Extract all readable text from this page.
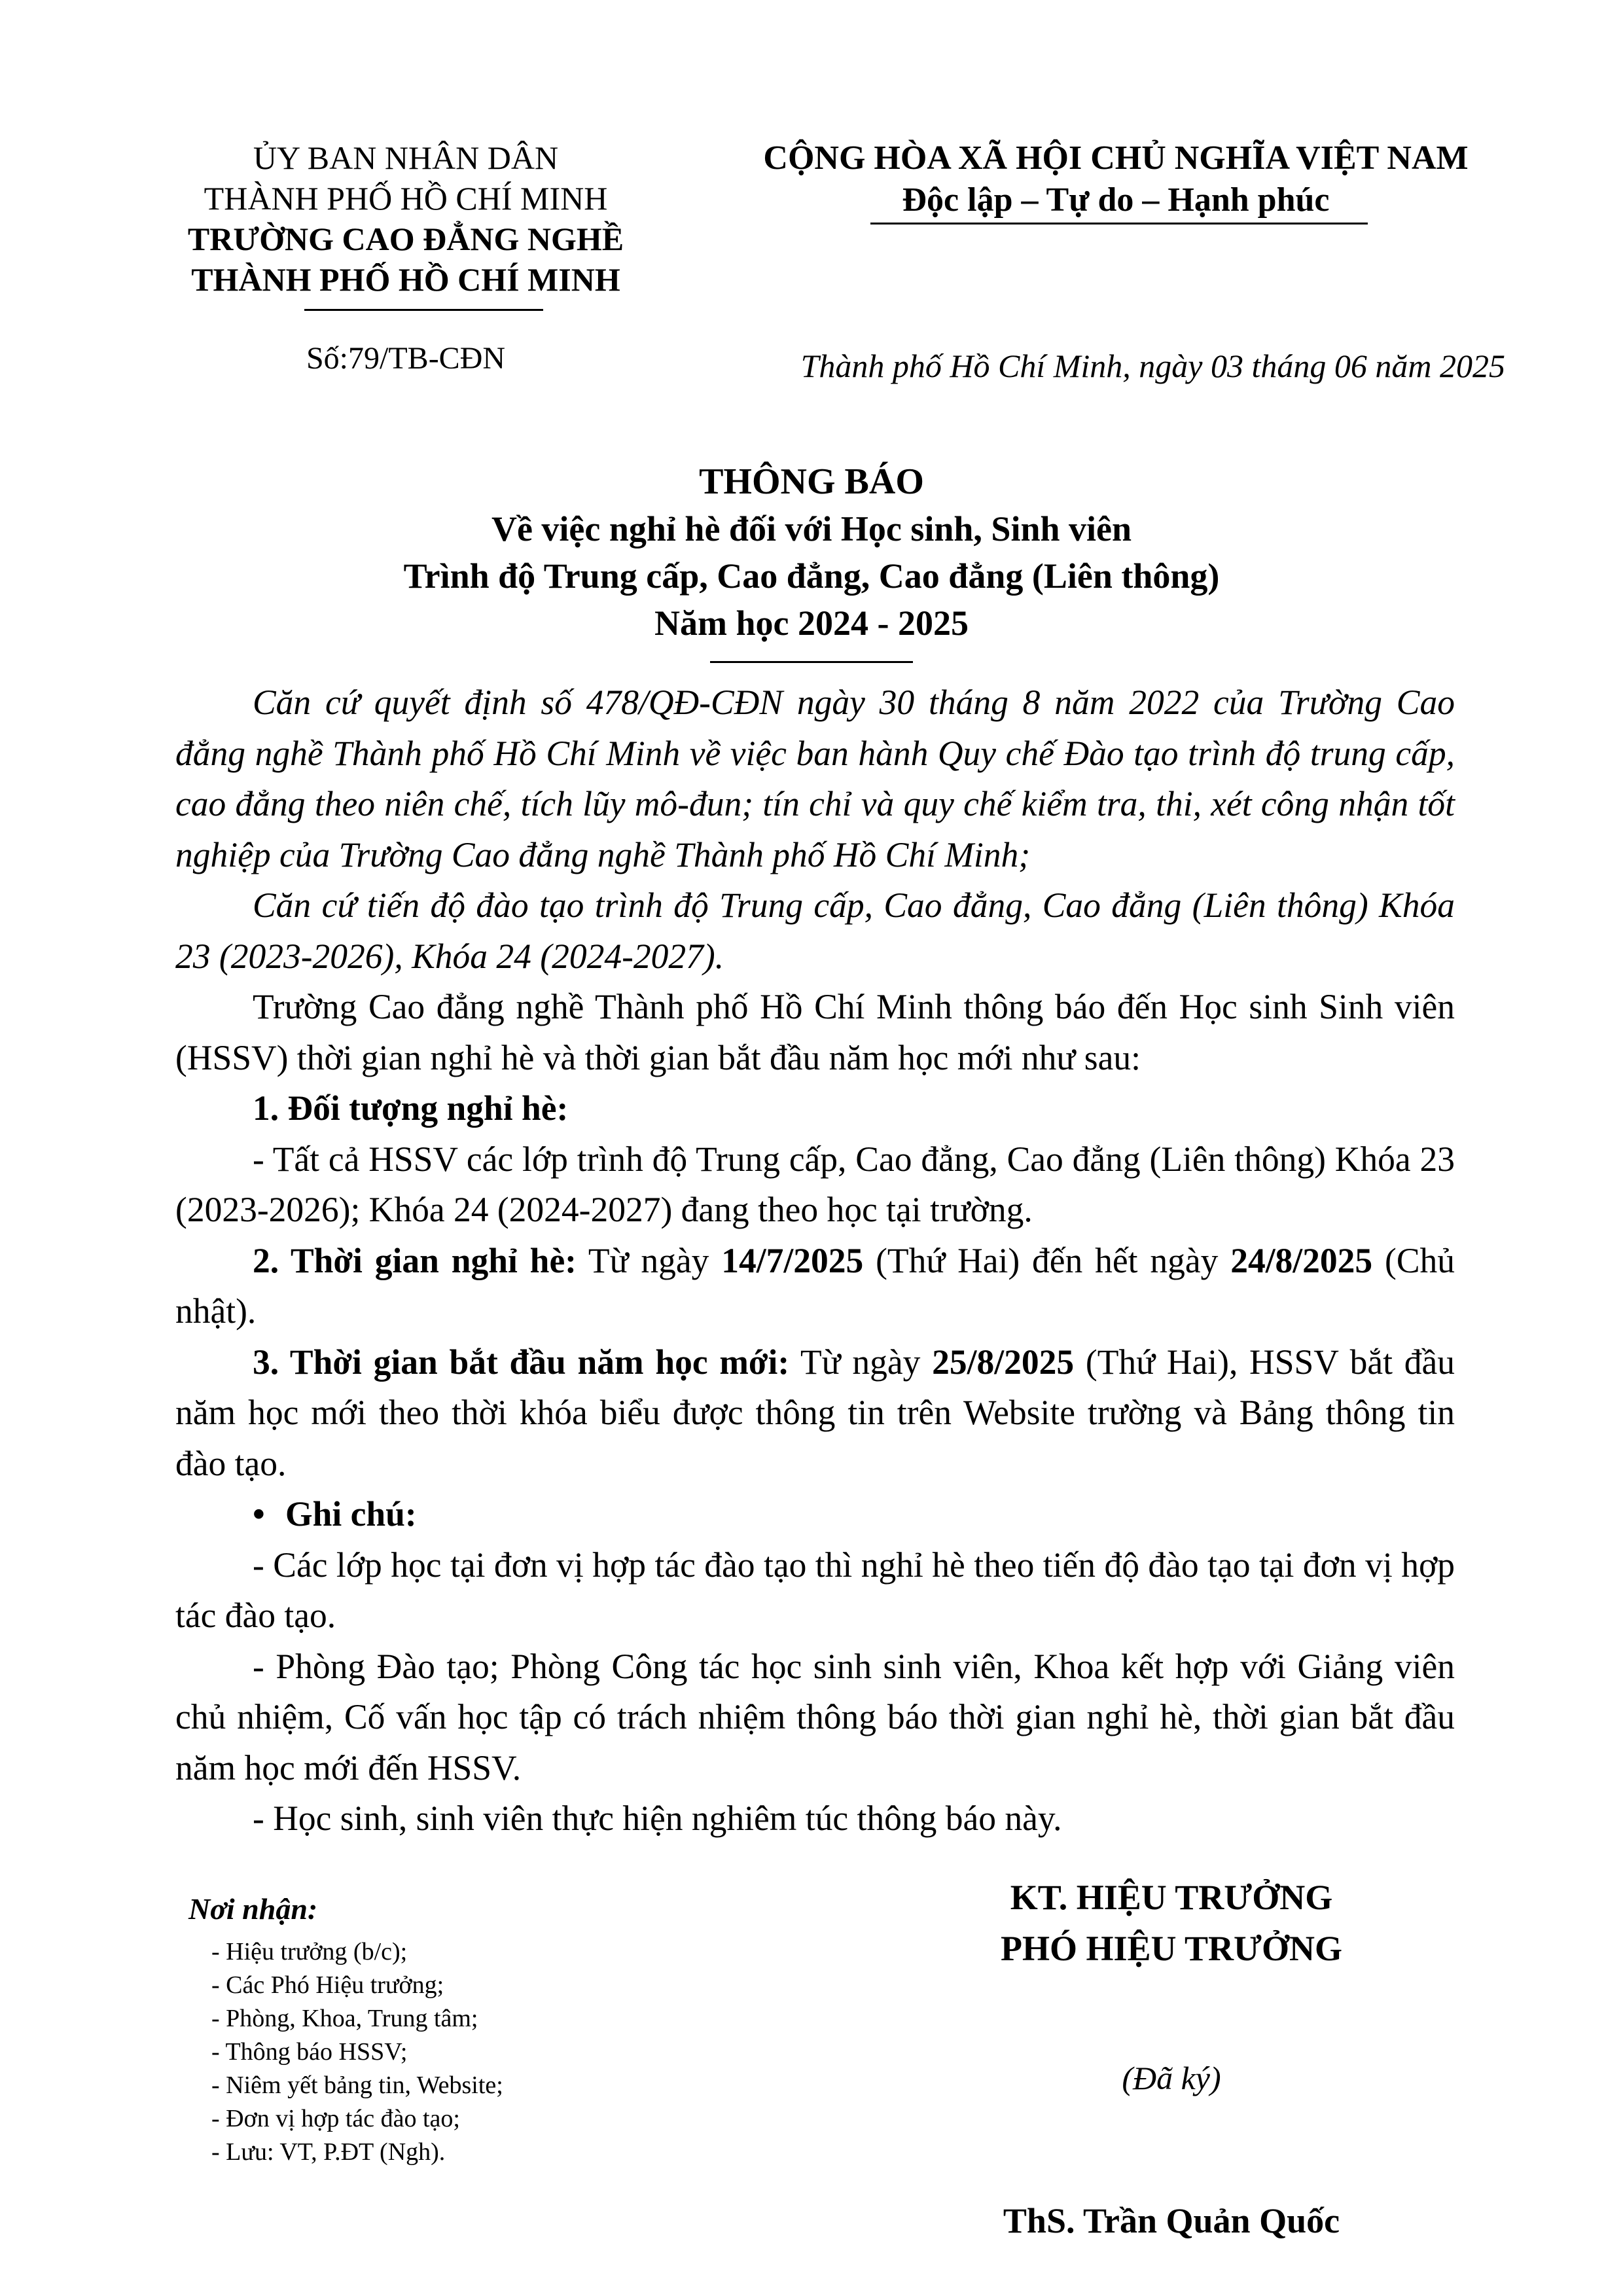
ỦY BAN NHÂN DÂN
THÀNH PHỐ HỒ CHÍ MINH
TRƯỜNG CAO ĐẲNG NGHỀ
THÀNH PHỐ HỒ CHÍ MINH
CỘNG HÒA XÃ HỘI CHỦ NGHĨA VIỆT NAM
Độc lập – Tự do – Hạnh phúc
Số:79/TB-CĐN	Thành phố Hồ Chí Minh, ngày 03 tháng 06 năm 2025
THÔNG BÁO
Về việc nghỉ hè đối với Học sinh, Sinh viên
Trình độ Trung cấp, Cao đẳng, Cao đẳng (Liên thông)
Năm học 2024 - 2025

Căn cứ quyết định số 478/QĐ-CĐN ngày 30 tháng 8 năm 2022 của Trường Cao đẳng nghề Thành phố Hồ Chí Minh về việc ban hành Quy chế Đào tạo trình độ trung cấp, cao đẳng theo niên chế, tích lũy mô-đun; tín chỉ và quy chế kiểm tra, thi, xét công nhận tốt nghiệp của Trường Cao đẳng nghề Thành phố Hồ Chí Minh;

Căn cứ tiến độ đào tạo trình độ Trung cấp, Cao đẳng, Cao đẳng (Liên thông) Khóa 23 (2023-2026), Khóa 24 (2024-2027).

Trường Cao đẳng nghề Thành phố Hồ Chí Minh thông báo đến Học sinh Sinh viên (HSSV) thời gian nghỉ hè và thời gian bắt đầu năm học mới như sau:

1. Đối tượng nghỉ hè:

- Tất cả HSSV các lớp trình độ Trung cấp, Cao đẳng, Cao đẳng (Liên thông) Khóa 23 (2023-2026); Khóa 24 (2024-2027) đang theo học tại trường.

2. Thời gian nghỉ hè: Từ ngày 14/7/2025 (Thứ Hai) đến hết ngày 24/8/2025 (Chủ nhật).

3. Thời gian bắt đầu năm học mới: Từ ngày 25/8/2025 (Thứ Hai), HSSV bắt đầu năm học mới theo thời khóa biểu được thông tin trên Website trường và Bảng thông tin đào tạo.

• Ghi chú:

- Các lớp học tại đơn vị hợp tác đào tạo thì nghỉ hè theo tiến độ đào tạo tại đơn vị hợp tác đào tạo.

- Phòng Đào tạo; Phòng Công tác học sinh sinh viên, Khoa kết hợp với Giảng viên chủ nhiệm, Cố vấn học tập có trách nhiệm thông báo thời gian nghỉ hè, thời gian bắt đầu năm học mới đến HSSV.

- Học sinh, sinh viên thực hiện nghiêm túc thông báo này.

Nơi nhận:
- Hiệu trưởng (b/c);
- Các Phó Hiệu trưởng;
- Phòng, Khoa, Trung tâm;
- Thông báo HSSV;
- Niêm yết bảng tin, Website;
- Đơn vị hợp tác đào tạo;
- Lưu: VT, P.ĐT (Ngh).
KT. HIỆU TRƯỞNG
PHÓ HIỆU TRƯỞNG
(Đã ký)
ThS. Trần Quản Quốc
